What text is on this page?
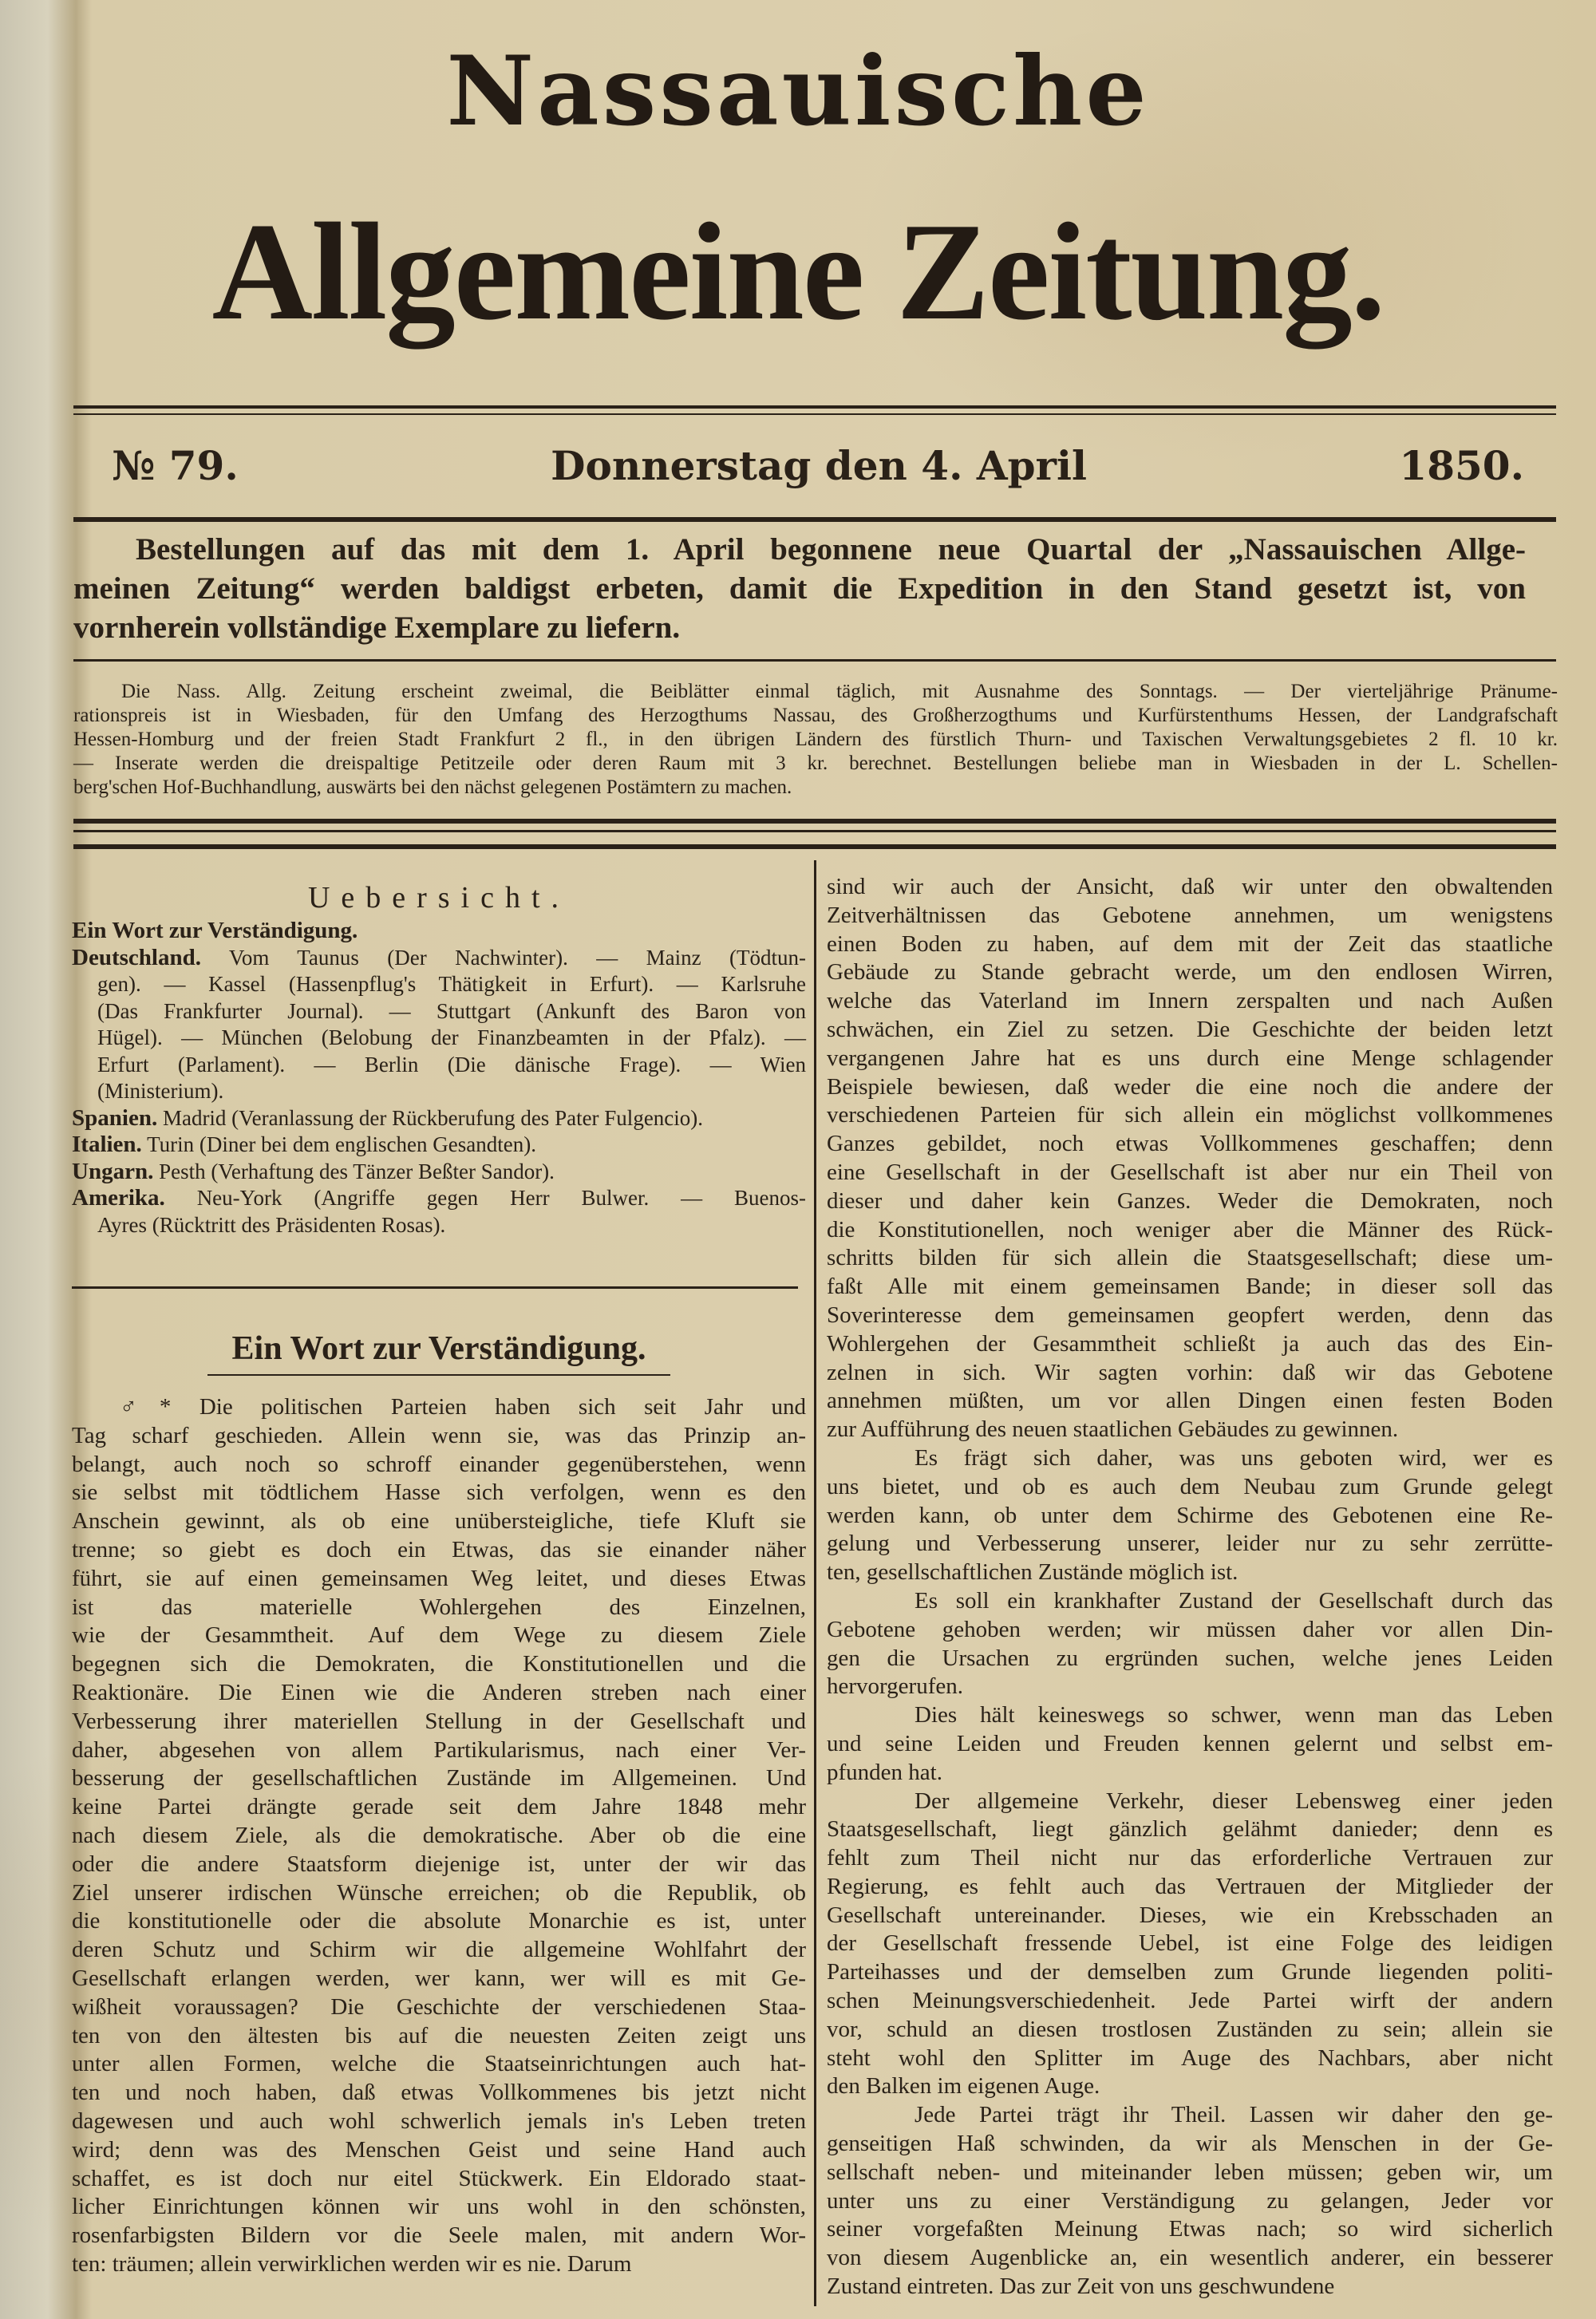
Nassauische
Allgemeine Zeitung.
№ 79.	Donnerstag den 4. April	1850.
Bestellungen auf das mit dem 1. April begonnene neue Quartal der „Nassauischen Allge-
meinen Zeitung“ werden baldigst erbeten, damit die Expedition in den Stand gesetzt ist, von
vornherein vollständige Exemplare zu liefern.
Die Nass. Allg. Zeitung erscheint zweimal, die Beiblätter einmal täglich, mit Ausnahme des Sonntags. — Der vierteljährige Pränume-
rationspreis ist in Wiesbaden, für den Umfang des Herzogthums Nassau, des Großherzogthums und Kurfürstenthums Hessen, der Landgrafschaft
Hessen-Homburg und der freien Stadt Frankfurt 2 fl., in den übrigen Ländern des fürstlich Thurn- und Taxischen Verwaltungsgebietes 2 fl. 10 kr.
— Inserate werden die dreispaltige Petitzeile oder deren Raum mit 3 kr. berechnet. Bestellungen beliebe man in Wiesbaden in der L. Schellen-
berg'schen Hof-Buchhandlung, auswärts bei den nächst gelegenen Postämtern zu machen.
Uebersicht.
Ein Wort zur Verständigung.
Deutschland. Vom Taunus (Der Nachwinter). — Mainz (Tödtun-
gen). — Kassel (Hassenpflug's Thätigkeit in Erfurt). — Karlsruhe
(Das Frankfurter Journal). — Stuttgart (Ankunft des Baron von
Hügel). — München (Belobung der Finanzbeamten in der Pfalz). —
Erfurt (Parlament). — Berlin (Die dänische Frage). — Wien
(Ministerium).
Spanien. Madrid (Veranlassung der Rückberufung des Pater Fulgencio).
Italien. Turin (Diner bei dem englischen Gesandten).
Ungarn. Pesth (Verhaftung des Tänzer Beßter Sandor).
Amerika. Neu-York (Angriffe gegen Herr Bulwer. — Buenos-
Ayres (Rücktritt des Präsidenten Rosas).
Ein Wort zur Verständigung.
♂* Die politischen Parteien haben sich seit Jahr und
Tag scharf geschieden. Allein wenn sie, was das Prinzip an-
belangt, auch noch so schroff einander gegenüberstehen, wenn
sie selbst mit tödtlichem Hasse sich verfolgen, wenn es den
Anschein gewinnt, als ob eine unübersteigliche, tiefe Kluft sie
trenne; so giebt es doch ein Etwas, das sie einander näher
führt, sie auf einen gemeinsamen Weg leitet, und dieses Etwas
ist das materielle Wohlergehen des Einzelnen,
wie der Gesammtheit. Auf dem Wege zu diesem Ziele
begegnen sich die Demokraten, die Konstitutionellen und die
Reaktionäre. Die Einen wie die Anderen streben nach einer
Verbesserung ihrer materiellen Stellung in der Gesellschaft und
daher, abgesehen von allem Partikularismus, nach einer Ver-
besserung der gesellschaftlichen Zustände im Allgemeinen. Und
keine Partei drängte gerade seit dem Jahre 1848 mehr
nach diesem Ziele, als die demokratische. Aber ob die eine
oder die andere Staatsform diejenige ist, unter der wir das
Ziel unserer irdischen Wünsche erreichen; ob die Republik, ob
die konstitutionelle oder die absolute Monarchie es ist, unter
deren Schutz und Schirm wir die allgemeine Wohlfahrt der
Gesellschaft erlangen werden, wer kann, wer will es mit Ge-
wißheit voraussagen? Die Geschichte der verschiedenen Staa-
ten von den ältesten bis auf die neuesten Zeiten zeigt uns
unter allen Formen, welche die Staatseinrichtungen auch hat-
ten und noch haben, daß etwas Vollkommenes bis jetzt nicht
dagewesen und auch wohl schwerlich jemals in's Leben treten
wird; denn was des Menschen Geist und seine Hand auch
schaffet, es ist doch nur eitel Stückwerk. Ein Eldorado staat-
licher Einrichtungen können wir uns wohl in den schönsten,
rosenfarbigsten Bildern vor die Seele malen, mit andern Wor-
ten: träumen; allein verwirklichen werden wir es nie. Darum
sind wir auch der Ansicht, daß wir unter den obwaltenden
Zeitverhältnissen das Gebotene annehmen, um wenigstens
einen Boden zu haben, auf dem mit der Zeit das staatliche
Gebäude zu Stande gebracht werde, um den endlosen Wirren,
welche das Vaterland im Innern zerspalten und nach Außen
schwächen, ein Ziel zu setzen. Die Geschichte der beiden letzt
vergangenen Jahre hat es uns durch eine Menge schlagender
Beispiele bewiesen, daß weder die eine noch die andere der
verschiedenen Parteien für sich allein ein möglichst vollkommenes
Ganzes gebildet, noch etwas Vollkommenes geschaffen; denn
eine Gesellschaft in der Gesellschaft ist aber nur ein Theil von
dieser und daher kein Ganzes. Weder die Demokraten, noch
die Konstitutionellen, noch weniger aber die Männer des Rück-
schritts bilden für sich allein die Staatsgesellschaft; diese um-
faßt Alle mit einem gemeinsamen Bande; in dieser soll das
Soverinteresse dem gemeinsamen geopfert werden, denn das
Wohlergehen der Gesammtheit schließt ja auch das des Ein-
zelnen in sich. Wir sagten vorhin: daß wir das Gebotene
annehmen müßten, um vor allen Dingen einen festen Boden
zur Aufführung des neuen staatlichen Gebäudes zu gewinnen.
Es frägt sich daher, was uns geboten wird, wer es
uns bietet, und ob es auch dem Neubau zum Grunde gelegt
werden kann, ob unter dem Schirme des Gebotenen eine Re-
gelung und Verbesserung unserer, leider nur zu sehr zerrütte-
ten, gesellschaftlichen Zustände möglich ist.
Es soll ein krankhafter Zustand der Gesellschaft durch das
Gebotene gehoben werden; wir müssen daher vor allen Din-
gen die Ursachen zu ergründen suchen, welche jenes Leiden
hervorgerufen.
Dies hält keineswegs so schwer, wenn man das Leben
und seine Leiden und Freuden kennen gelernt und selbst em-
pfunden hat.
Der allgemeine Verkehr, dieser Lebensweg einer jeden
Staatsgesellschaft, liegt gänzlich gelähmt danieder; denn es
fehlt zum Theil nicht nur das erforderliche Vertrauen zur
Regierung, es fehlt auch das Vertrauen der Mitglieder der
Gesellschaft untereinander. Dieses, wie ein Krebsschaden an
der Gesellschaft fressende Uebel, ist eine Folge des leidigen
Parteihasses und der demselben zum Grunde liegenden politi-
schen Meinungsverschiedenheit. Jede Partei wirft der andern
vor, schuld an diesen trostlosen Zuständen zu sein; allein sie
steht wohl den Splitter im Auge des Nachbars, aber nicht
den Balken im eigenen Auge.
Jede Partei trägt ihr Theil. Lassen wir daher den ge-
genseitigen Haß schwinden, da wir als Menschen in der Ge-
sellschaft neben- und miteinander leben müssen; geben wir, um
unter uns zu einer Verständigung zu gelangen, Jeder vor
seiner vorgefaßten Meinung Etwas nach; so wird sicherlich
von diesem Augenblicke an, ein wesentlich anderer, ein besserer
Zustand eintreten. Das zur Zeit von uns geschwundene
